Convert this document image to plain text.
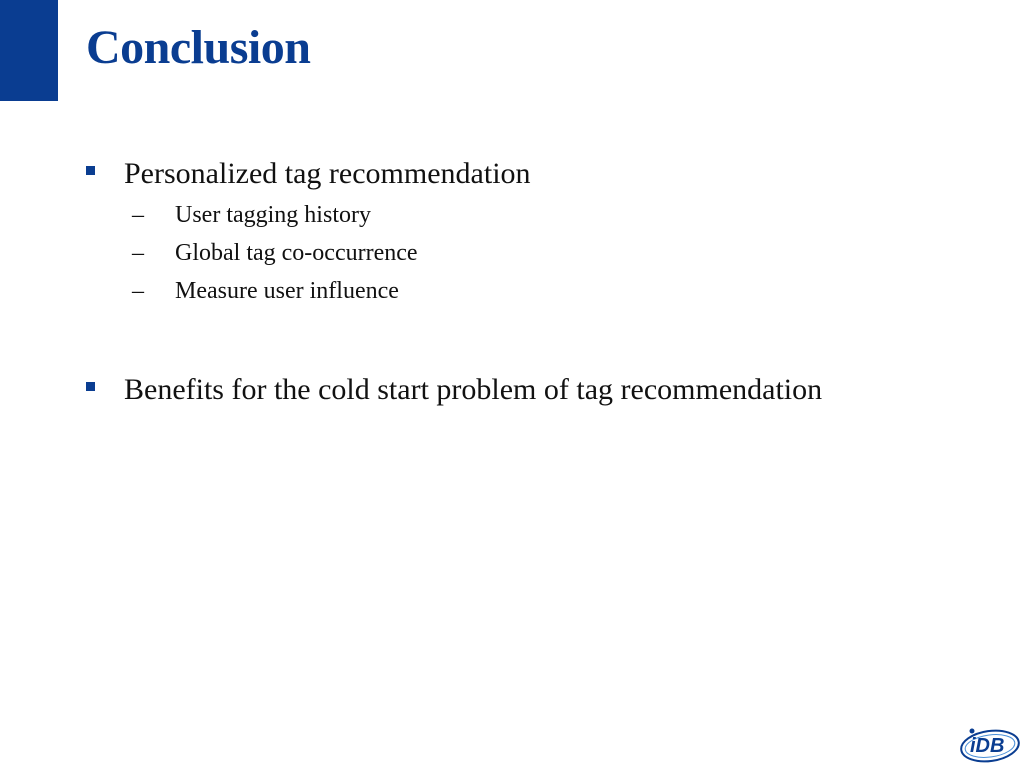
Conclusion
Personalized tag recommendation
– User tagging history
– Global tag co-occurrence
– Measure user influence
Benefits for the cold start problem of tag recommendation
iDB
